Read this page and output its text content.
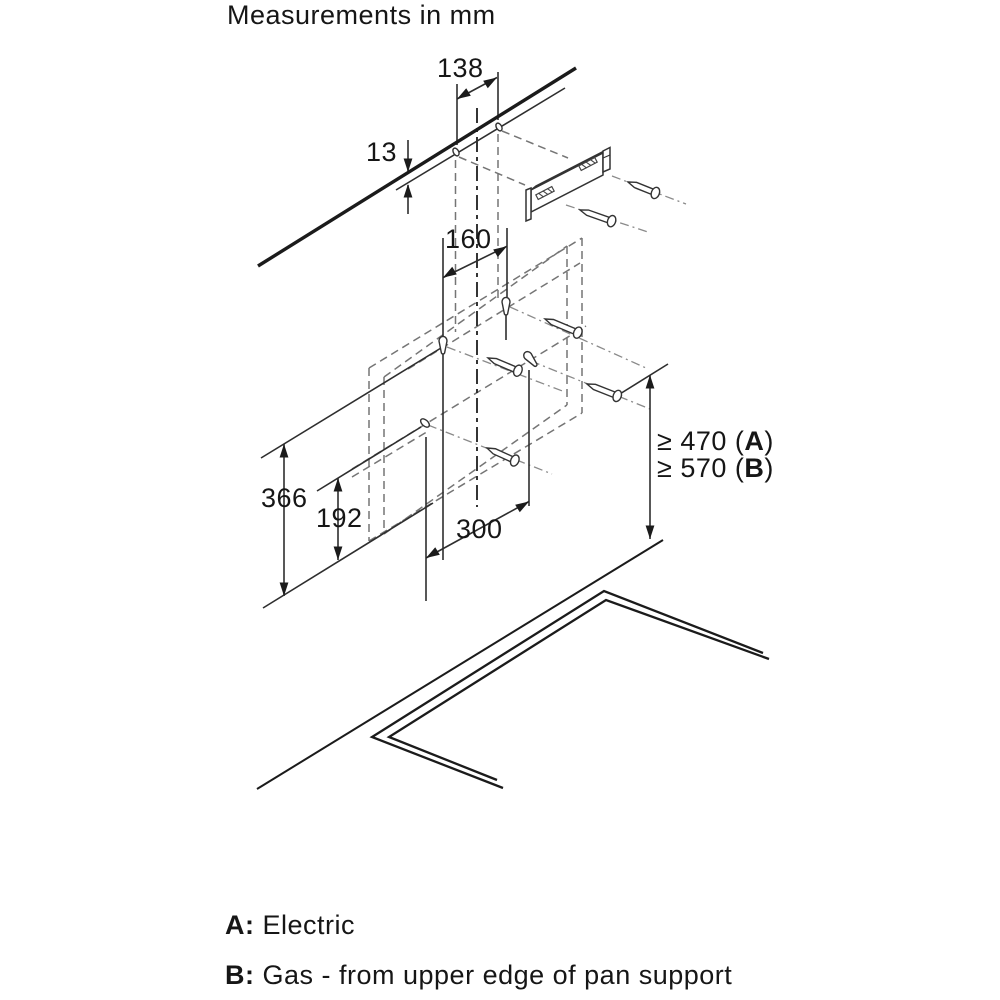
Measurements in mm
138
13
160
366
192	300
≥ 470 (A)
≥ 570 (B)
A: Electric
B: Gas - from upper edge of pan support
